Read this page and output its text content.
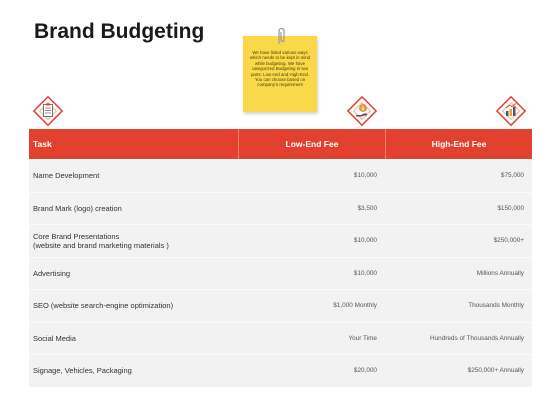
Brand Budgeting
We have listed various ways which needs to be kept in mind while budgeting. We have categorized Budgeting in two parts: Low end and High-End. You can choose based on company's requirement
$
Task	Low-End Fee	High-End Fee
Name Development	$10,000	$75,000
Brand Mark (logo) creation	$3,500	$150,000
Core Brand Presentations
(website and brand marketing materials )	$10,000	$250,000+
Advertising	$10,000	Millions Annually
SEO (website search-engine optimization)	$1,000 Monthly	Thousands Monthly
Social Media	Your Time	Hundreds of Thousands Annually
Signage, Vehicles, Packaging	$20,000	$250,000+ Annually
